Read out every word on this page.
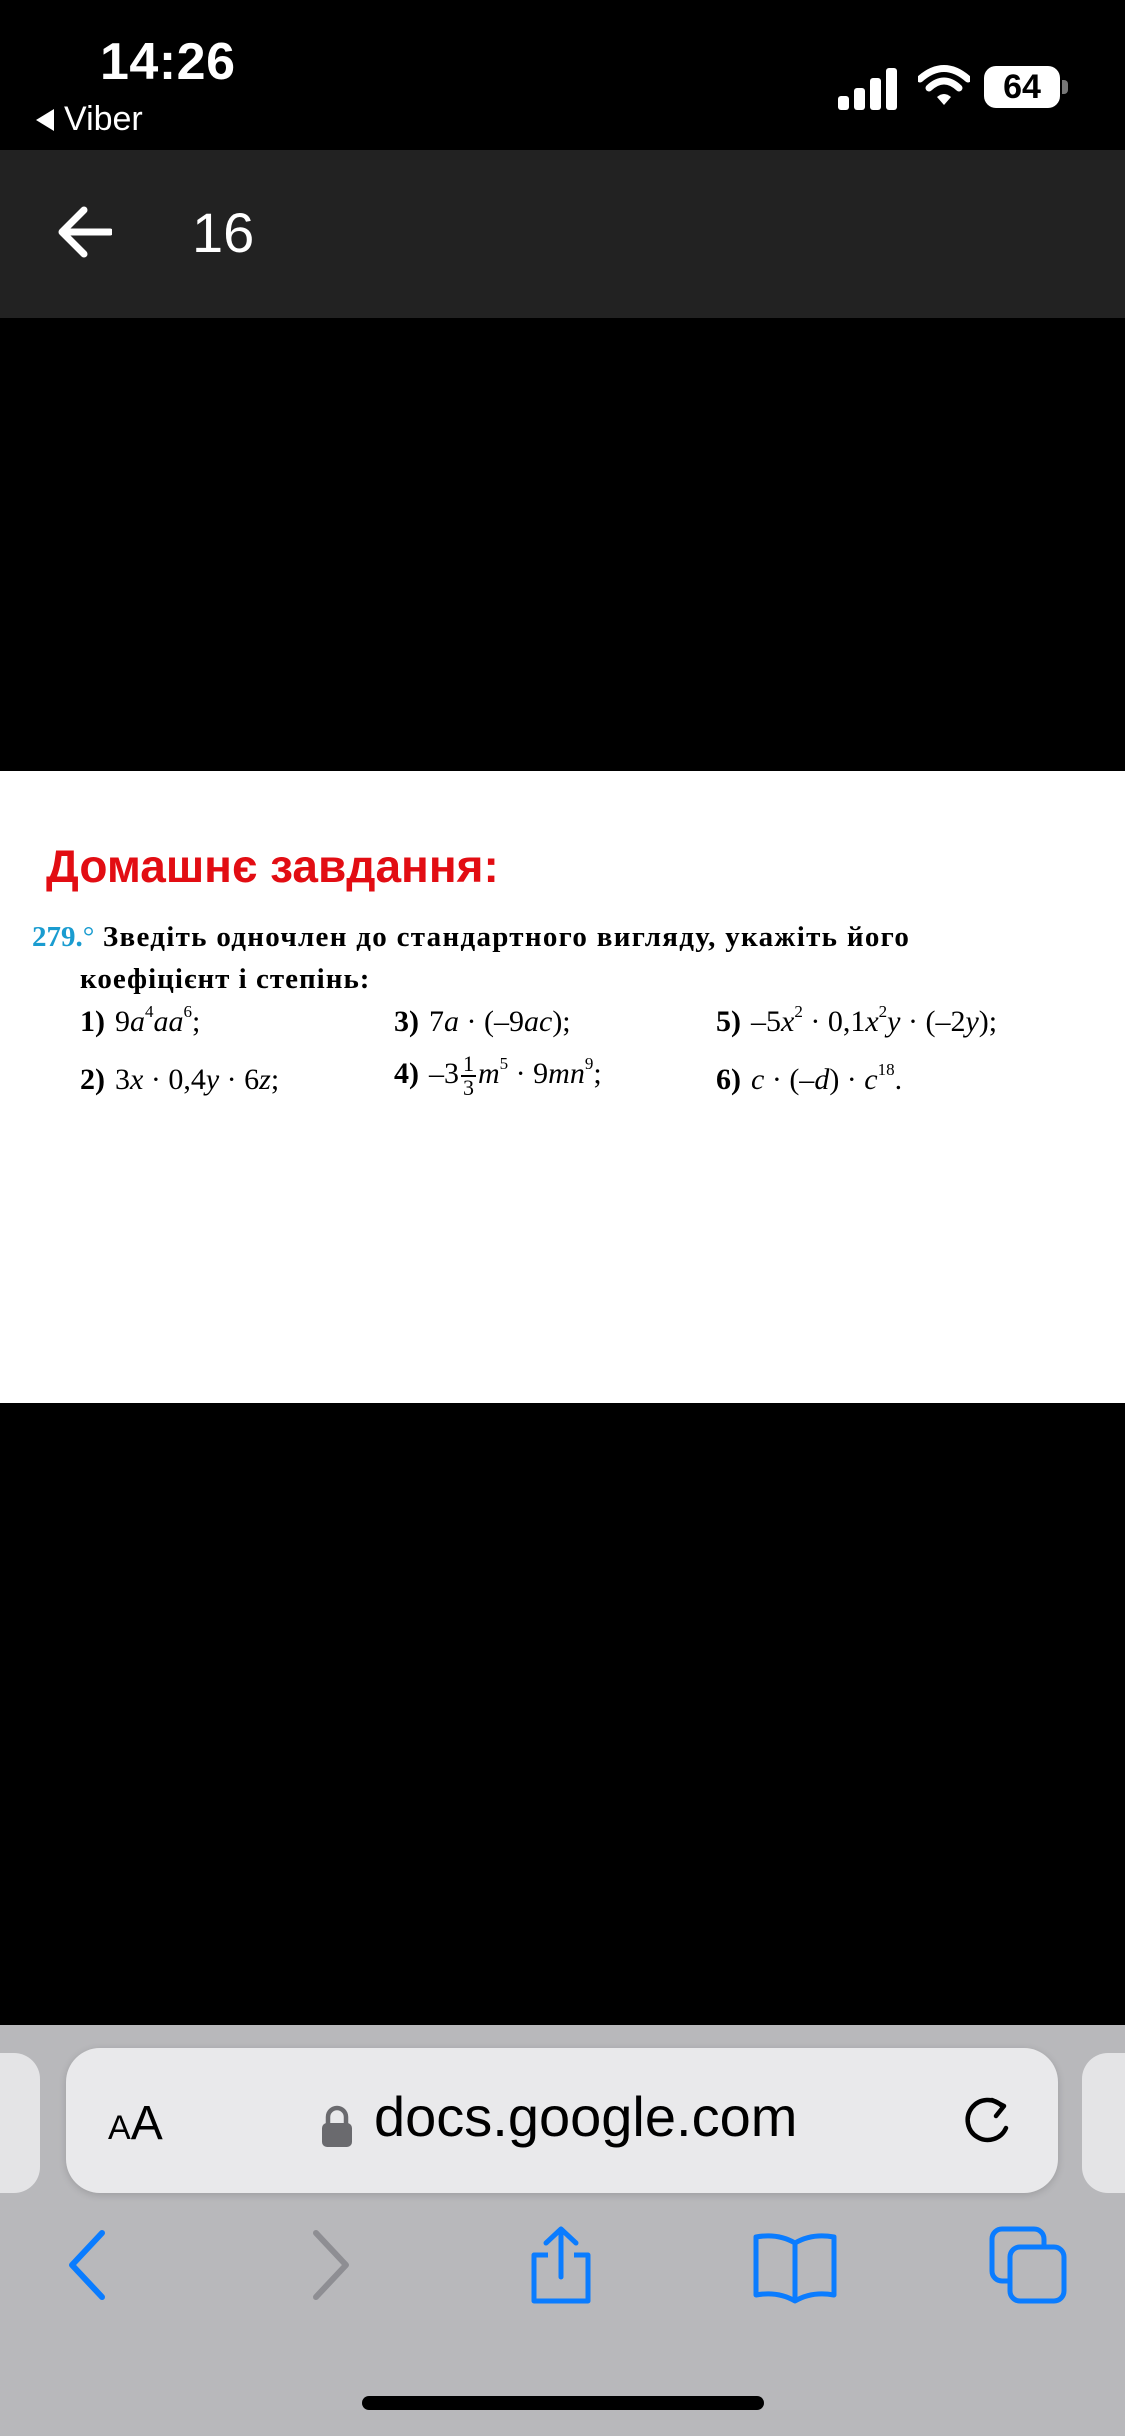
14:26
Viber
64
16
Домашнє завдання:
279.° Зведіть одночлен до стандартного вигляду, укажіть його
коефіцієнт і степінь:
1) $9a^4aa^6$;	3) 7a · (–9ac);	5) $-5x^2 \cdot 0,1x^2y \cdot (-2y)$;
2) 3x · 0,4y · 6z;	4) $-3 \frac{1}{3} m^5 \cdot 9mn^9$;	6) $c \cdot (-d) \cdot c^{18}$.
AA	docs.google.com
